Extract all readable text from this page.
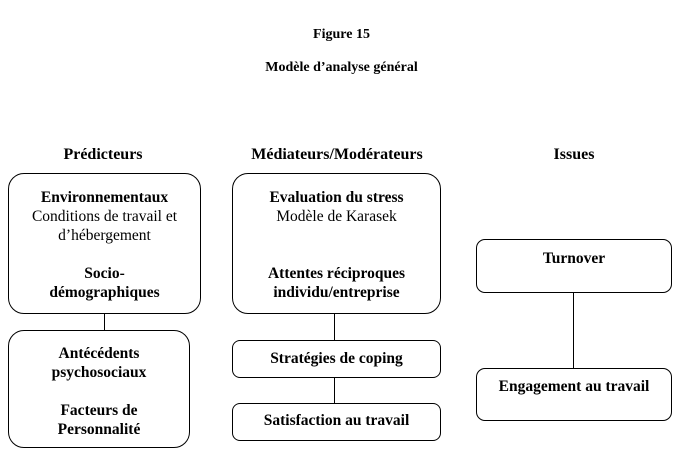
Figure 15
Modèle d’analyse général
Prédicteurs	Médiateurs/Modérateurs	Issues
Environnementaux
Conditions de travail et
d’hébergement
Socio-
démographiques
Antécédents
psychosociaux
Facteurs de
Personnalité
Evaluation du stress
Modèle de Karasek
Attentes réciproques
individu/entreprise
Stratégies de coping
Satisfaction au travail
Turnover
Engagement au travail
